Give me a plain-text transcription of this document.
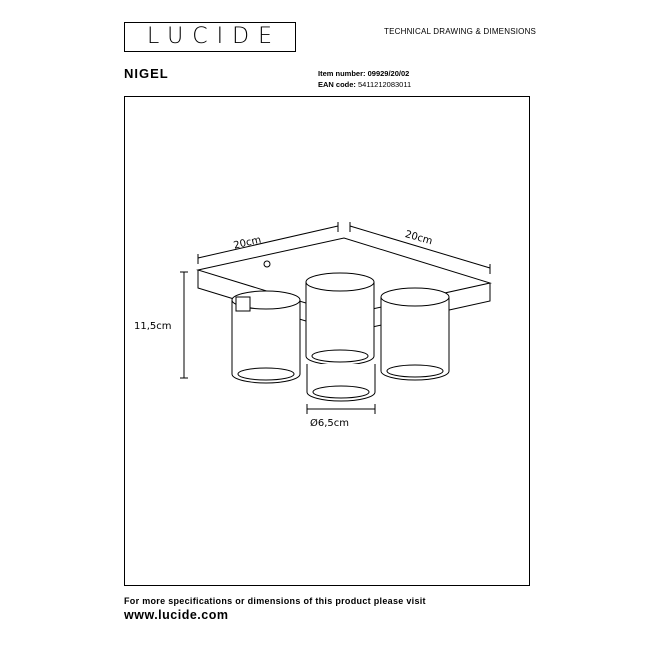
LUCIDE	TECHNICAL DRAWING & DIMENSIONS
NIGEL	Item number: 09929/20/02
EAN code: 5411212083011
20cm	20cm
11,5cm
Ø6,5cm
For more specifications or dimensions of this product please visit
www.lucide.com
